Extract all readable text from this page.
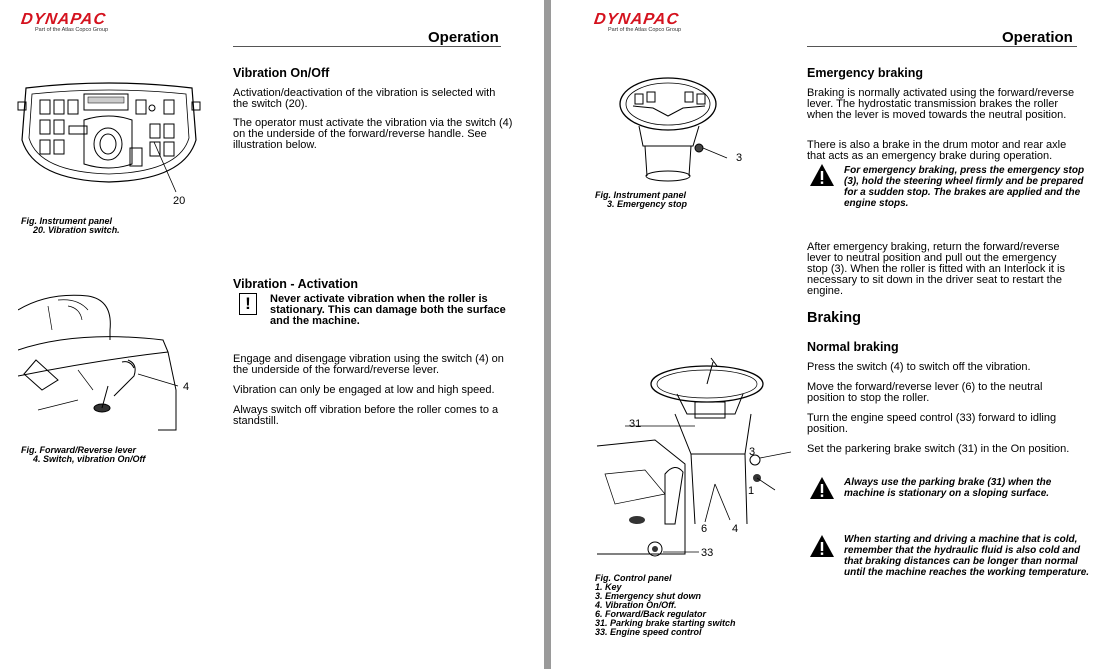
DYNAPAC
Part of the Atlas Copco Group	Operation
20
Fig. Instrument panel
20. Vibration switch.
Vibration On/Off

Activation/deactivation of the vibration is selected with the switch (20).

The operator must activate the vibration via the switch (4) on the underside of the forward/reverse handle. See illustration below.

4
Fig. Forward/Reverse lever
4. Switch, vibration On/Off
Vibration - Activation
!	Never activate vibration when the roller is stationary. This can damage both the surface and the machine.

Engage and disengage vibration using the switch (4) on the underside of the forward/reverse lever.

Vibration can only be engaged at low and high speed.

Always switch off vibration before the roller comes to a standstill.

DYNAPAC
Part of the Atlas Copco Group	Operation
3
Fig. Instrument panel
3. Emergency stop
Emergency braking

Braking is normally activated using the forward/reverse lever. The hydrostatic transmission brakes the roller when the lever is moved towards the neutral position.

There is also a brake in the drum motor and rear axle that acts as an emergency brake during operation.

For emergency braking, press the emergency stop (3), hold the steering wheel firmly and be prepared for a sudden stop. The brakes are applied and the engine stops.

After emergency braking, return the forward/reverse lever to neutral position and pull out the emergency stop (3). When the roller is fitted with an Interlock it is necessary to sit down in the driver seat to restart the engine.

Braking
Normal braking

Press the switch (4) to switch off the vibration.

Move the forward/reverse lever (6) to the neutral position to stop the roller.

Turn the engine speed control (33) forward to idling position.

Set the parkering brake switch (31) in the On position.

Always use the parking brake (31) when the machine is stationary on a sloping surface.

When starting and driving a machine that is cold, remember that the hydraulic fluid is also cold and that braking distances can be longer than normal until the machine reaches the working temperature.

31
3
1
6 4
33
Fig. Control panel
1. Key
3. Emergency shut down
4. Vibration On/Off.
6. Forward/Back regulator
31. Parking brake starting switch
33. Engine speed control
